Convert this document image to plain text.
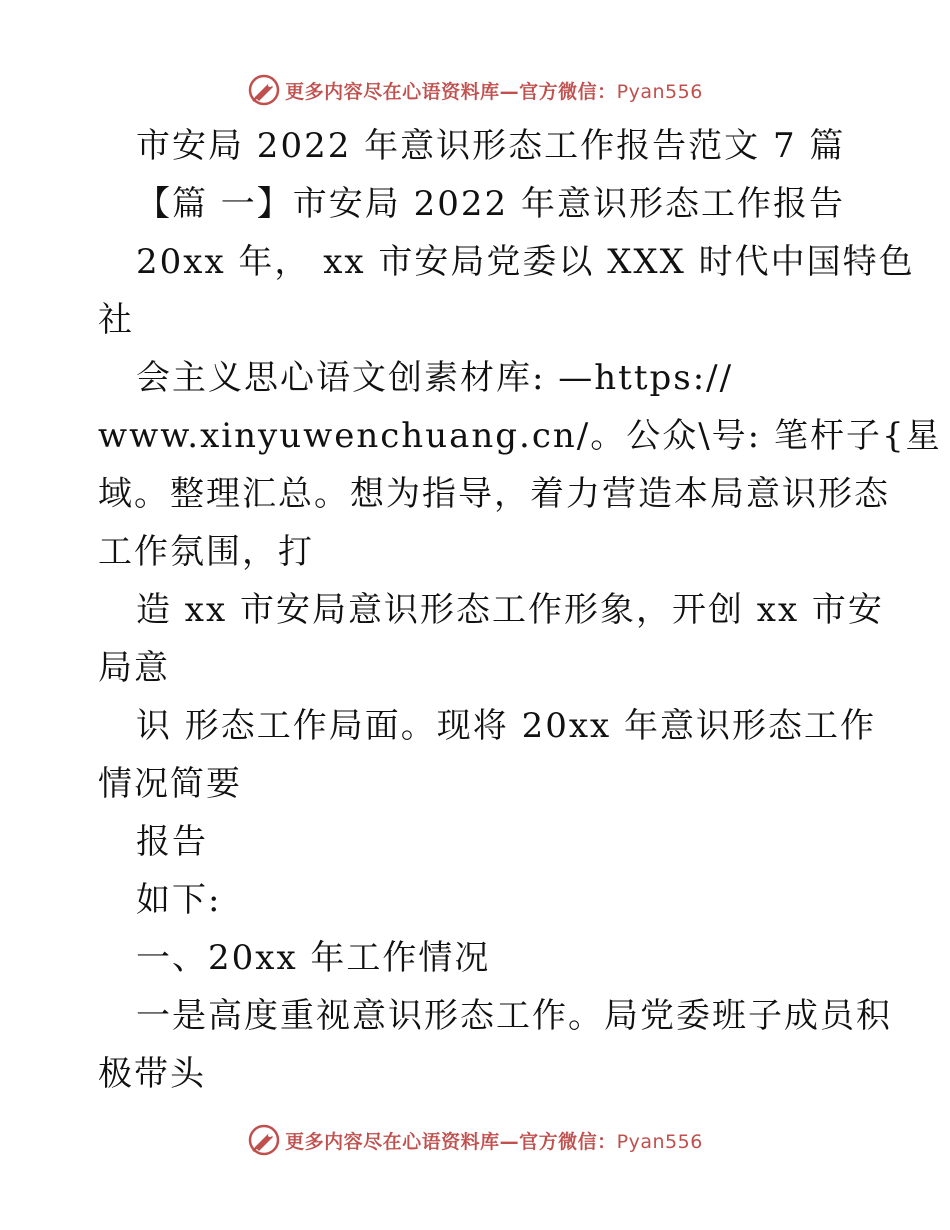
更多内容尽在心语资料库—官方微信：Pyan556
市安局 2022 年意识形态工作报告范文 7 篇
【篇 一】市安局 2022 年意识形态工作报告
20xx 年， xx 市安局党委以 XXX 时代中国特色
社
会主义思心语文创素材库: —https://
www.xinyuwenchuang.cn/。公众\号: 笔杆子{星
域。整理汇总。想为指导，着力营造本局意识形态
工作氛围，打
造 xx 市安局意识形态工作形象，开创 xx 市安
局意
识 形态工作局面。现将 20xx 年意识形态工作
情况简要
报告
如下:
一、20xx 年工作情况
一是高度重视意识形态工作。局党委班子成员积
极带头
更多内容尽在心语资料库—官方微信：Pyan556
